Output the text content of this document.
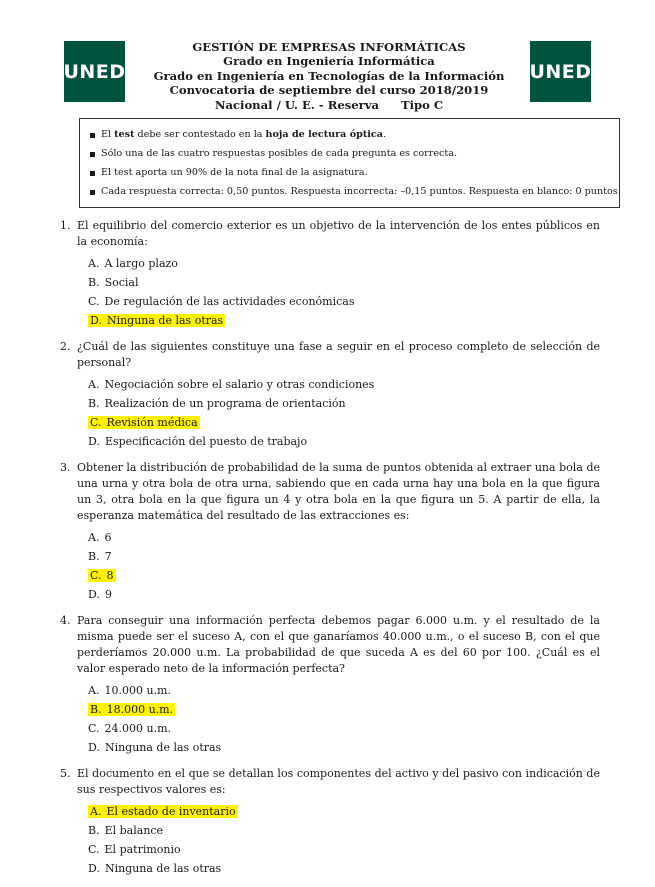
UNED	UNED
GESTIÓN DE EMPRESAS INFORMÁTICAS
Grado en Ingeniería Informática
Grado en Ingeniería en Tecnologías de la Información
Convocatoria de septiembre del curso 2018/2019
Nacional / U. E. - Reserva Tipo C
El test debe ser contestado en la hoja de lectura óptica.
Sólo una de las cuatro respuestas posibles de cada pregunta es correcta.
El test aporta un 90% de la nota final de la asignatura.
Cada respuesta correcta: 0,50 puntos. Respuesta incorrecta: –0,15 puntos. Respuesta en blanco: 0 puntos.
1. El equilibrio del comercio exterior es un objetivo de la intervención de los entes públicos en la economía:
A. A largo plazo
B. Social
C. De regulación de las actividades económicas
D. Ninguna de las otras
2. ¿Cuál de las siguientes constituye una fase a seguir en el proceso completo de selección de personal?
A. Negociación sobre el salario y otras condiciones
B. Realización de un programa de orientación
C. Revisión médica
D. Especificación del puesto de trabajo
3. Obtener la distribución de probabilidad de la suma de puntos obtenida al extraer una bola de una urna y otra bola de otra urna, sabiendo que en cada urna hay una bola en la que figura un 3, otra bola en la que figura un 4 y otra bola en la que figura un 5. A partir de ella, la esperanza matemática del resultado de las extracciones es:
A. 6
B. 7
C. 8
D. 9
4. Para conseguir una información perfecta debemos pagar 6.000 u.m. y el resultado de la misma puede ser el suceso A, con el que ganaríamos 40.000 u.m., o el suceso B, con el que perderíamos 20.000 u.m. La probabilidad de que suceda A es del 60 por 100. ¿Cuál es el valor esperado neto de la información perfecta?
A. 10.000 u.m.
B. 18.000 u.m.
C. 24.000 u.m.
D. Ninguna de las otras
5. El documento en el que se detallan los componentes del activo y del pasivo con indicación de sus respectivos valores es:
A. El estado de inventario
B. El balance
C. El patrimonio
D. Ninguna de las otras
